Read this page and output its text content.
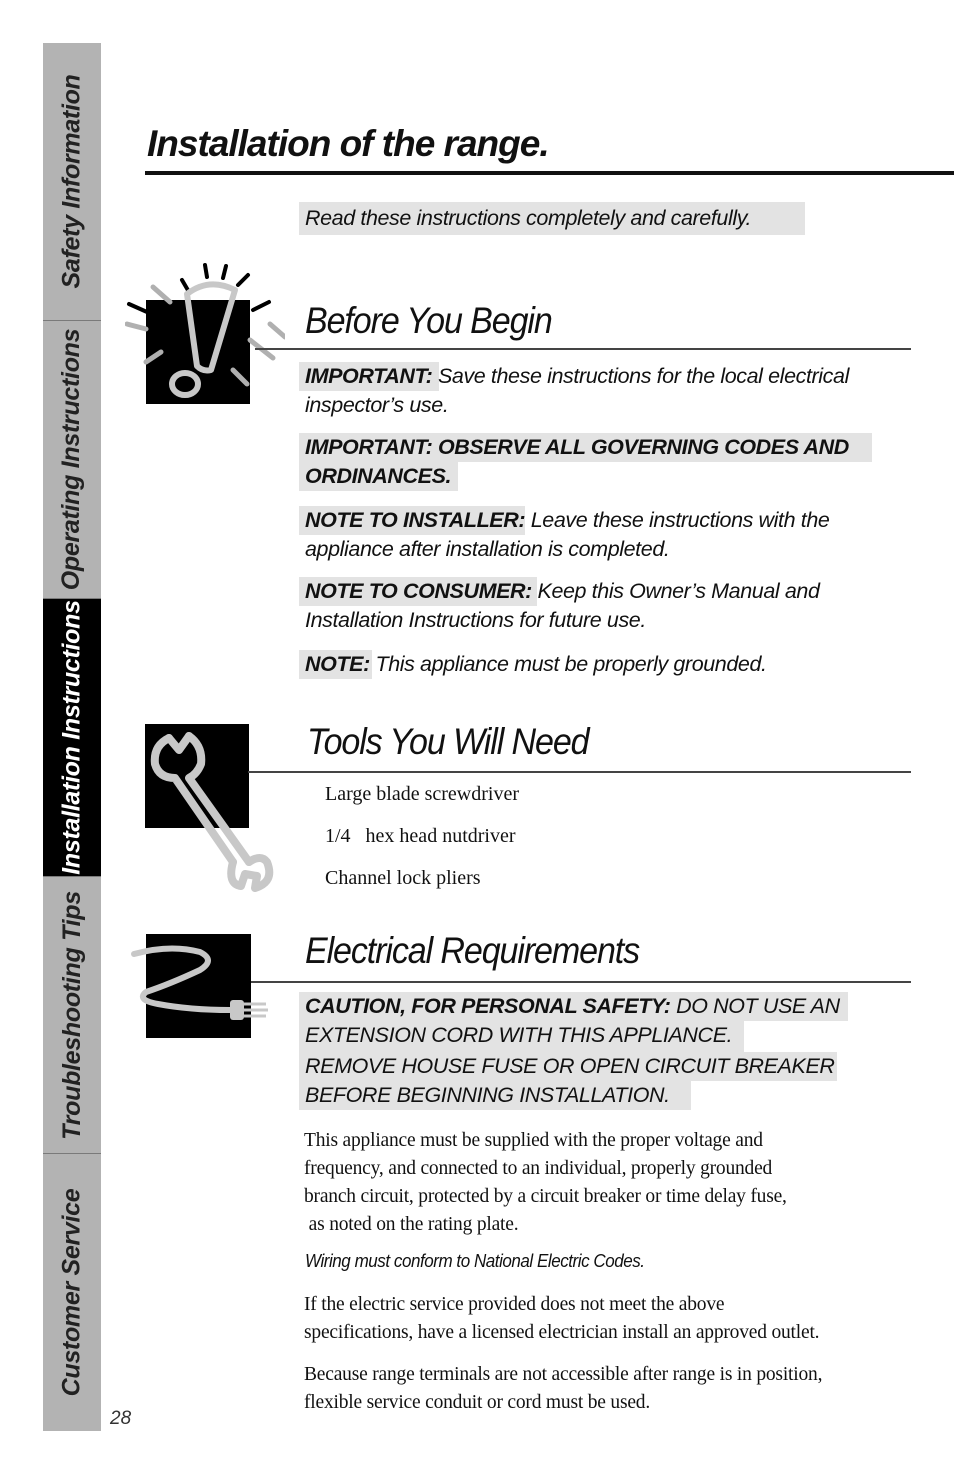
Safety Information
Operating Instructions
Installation Instructions
Troubleshooting Tips
Customer Service
28
Installation of the range.
Read these instructions completely and carefully.
Before You Begin
IMPORTANT: Save these instructions for the local electrical
inspector’s use.
IMPORTANT: OBSERVE ALL GOVERNING CODES AND
ORDINANCES.
NOTE TO INSTALLER: Leave these instructions with the
appliance after installation is completed.
NOTE TO CONSUMER: Keep this Owner’s Manual and
Installation Instructions for future use.
NOTE: This appliance must be properly grounded.
Tools You Will Need
Large blade screwdriver
1/4   hex head nutdriver
Channel lock pliers
Electrical Requirements
CAUTION, FOR PERSONAL SAFETY: DO NOT USE AN
EXTENSION CORD WITH THIS APPLIANCE.
REMOVE HOUSE FUSE OR OPEN CIRCUIT BREAKER
BEFORE BEGINNING INSTALLATION.
This appliance must be supplied with the proper voltage and
frequency, and connected to an individual, properly grounded
branch circuit, protected by a circuit breaker or time delay fuse,
as noted on the rating plate.
Wiring must conform to National Electric Codes.
If the electric service provided does not meet the above
specifications, have a licensed electrician install an approved outlet.
Because range terminals are not accessible after range is in position,
flexible service conduit or cord must be used.
